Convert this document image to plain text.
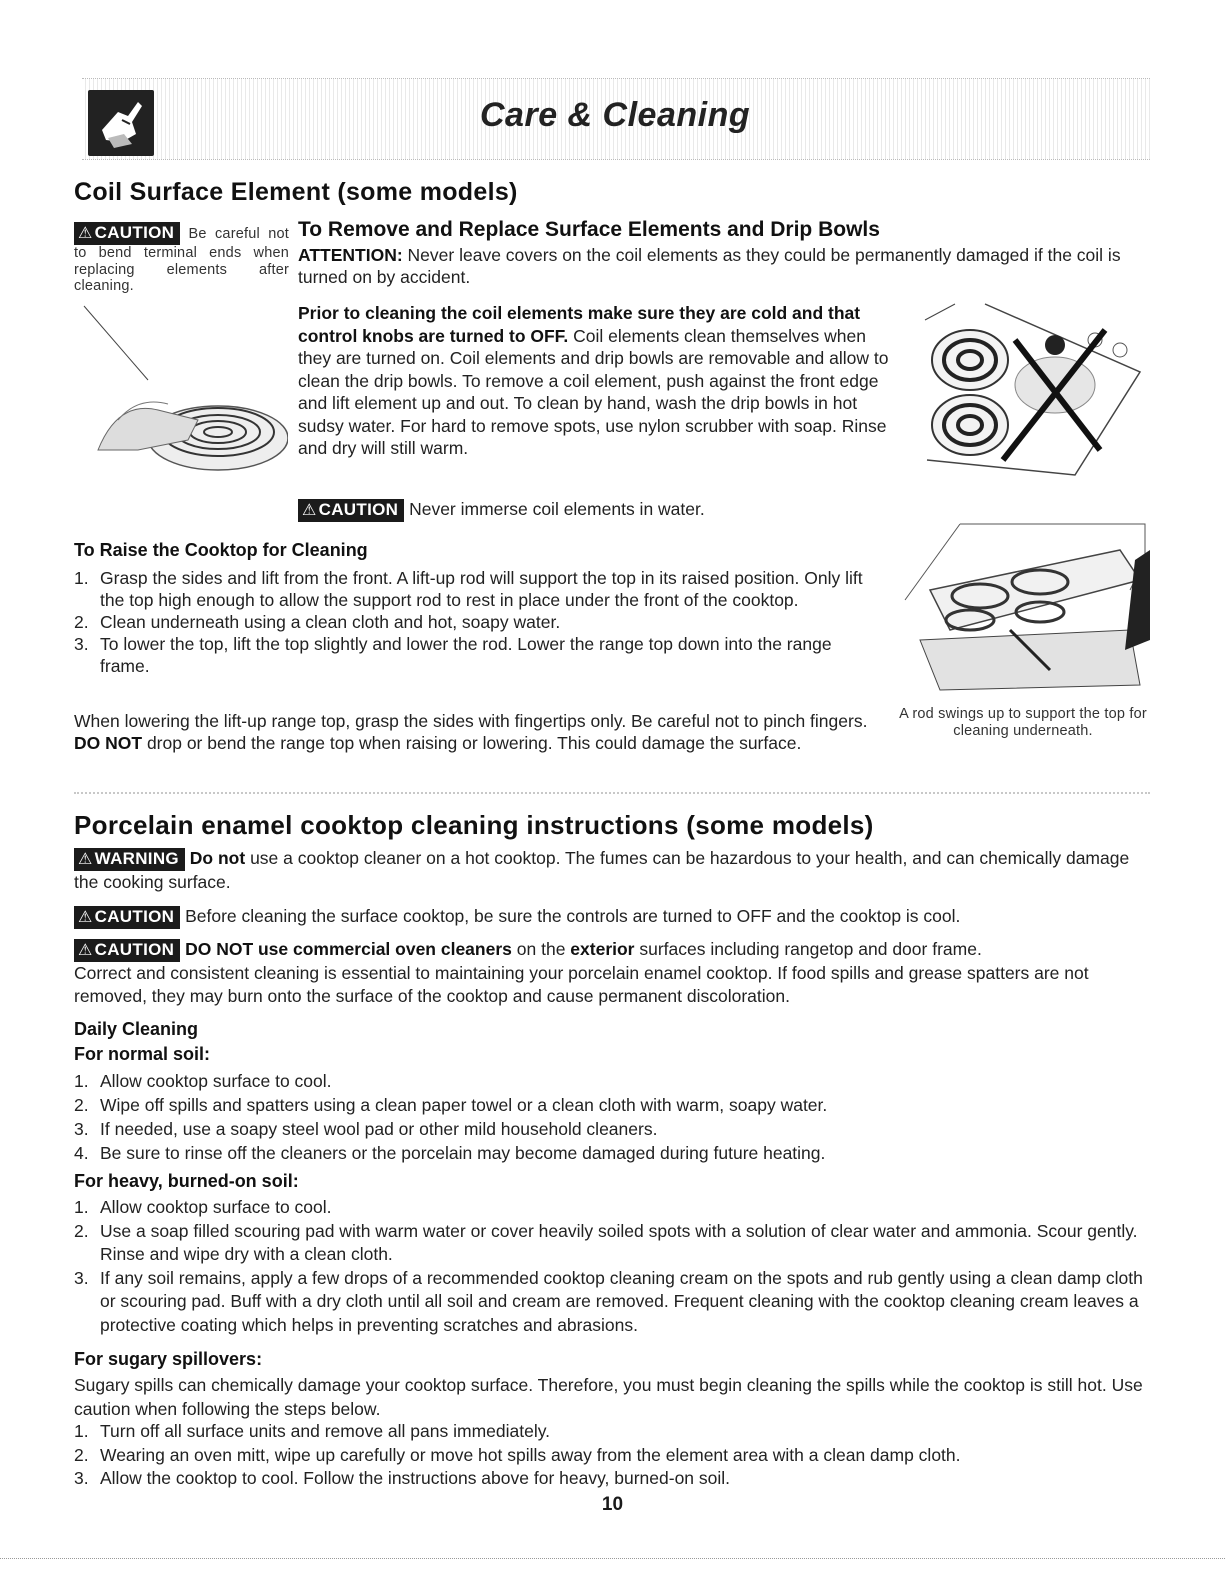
Care & Cleaning
Coil Surface Element (some models)
⚠ CAUTION Be careful not to bend terminal ends when replacing elements after cleaning.
To Remove and Replace Surface Elements and Drip Bowls
ATTENTION: Never leave covers on the coil elements as they could be permanently damaged if the coil is turned on by accident.
Prior to cleaning the coil elements make sure they are cold and that control knobs are turned to OFF. Coil elements clean themselves when they are turned on. Coil elements and drip bowls are removable and allow to clean the drip bowls. To remove a coil element, push against the front edge and lift element up and out. To clean by hand, wash the drip bowls in hot sudsy water. For hard to remove spots, use nylon scrubber with soap. Rinse and dry will still warm.
⚠ CAUTION Never immerse coil elements in water.
To Raise the Cooktop for Cleaning
1. Grasp the sides and lift from the front. A lift-up rod will support the top in its raised position. Only lift the top high enough to allow the support rod to rest in place under the front of the cooktop.
2. Clean underneath using a clean cloth and hot, soapy water.
3. To lower the top, lift the top slightly and lower the rod. Lower the range top down into the range frame.
When lowering the lift-up range top, grasp the sides with fingertips only. Be careful not to pinch fingers. DO NOT drop or bend the range top when raising or lowering. This could damage the surface.
A rod swings up to support the top for cleaning underneath.
Porcelain enamel cooktop cleaning instructions (some models)
⚠ WARNING Do not use a cooktop cleaner on a hot cooktop. The fumes can be hazardous to your health, and can chemically damage the cooking surface.
⚠ CAUTION Before cleaning the surface cooktop, be sure the controls are turned to OFF and the cooktop is cool.
⚠ CAUTION DO NOT use commercial oven cleaners on the exterior surfaces including rangetop and door frame.
Correct and consistent cleaning is essential to maintaining your porcelain enamel cooktop. If food spills and grease spatters are not removed, they may burn onto the surface of the cooktop and cause permanent discoloration.
Daily Cleaning
For normal soil:
1. Allow cooktop surface to cool.
2. Wipe off spills and spatters using a clean paper towel or a clean cloth with warm, soapy water.
3. If needed, use a soapy steel wool pad or other mild household cleaners.
4. Be sure to rinse off the cleaners or the porcelain may become damaged during future heating.
For heavy, burned-on soil:
1. Allow cooktop surface to cool.
2. Use a soap filled scouring pad with warm water or cover heavily soiled spots with a solution of clear water and ammonia. Scour gently. Rinse and wipe dry with a clean cloth.
3. If any soil remains, apply a few drops of a recommended cooktop cleaning cream on the spots and rub gently using a clean damp cloth or scouring pad. Buff with a dry cloth until all soil and cream are removed. Frequent cleaning with the cooktop cleaning cream leaves a protective coating which helps in preventing scratches and abrasions.
For sugary spillovers:
Sugary spills can chemically damage your cooktop surface. Therefore, you must begin cleaning the spills while the cooktop is still hot. Use caution when following the steps below.
1. Turn off all surface units and remove all pans immediately.
2. Wearing an oven mitt, wipe up carefully or move hot spills away from the element area with a clean damp cloth.
3. Allow the cooktop to cool. Follow the instructions above for heavy, burned-on soil.
10
